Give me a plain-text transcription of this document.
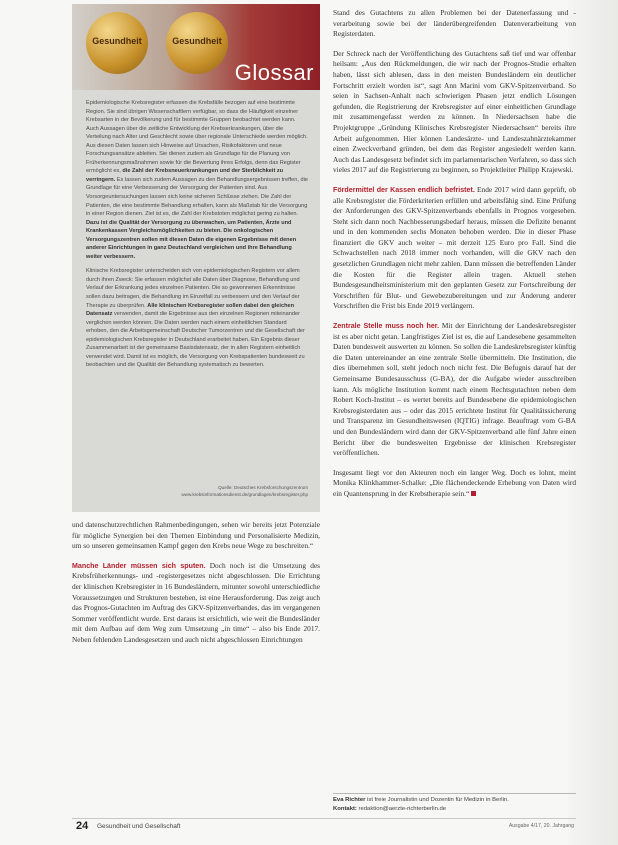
Gesundheit	Gesundheit
Glossar

Epidemiologische Krebsregister erfassen die Krebsfälle bezogen auf eine bestimmte Region. Sie sind übrigen Wissenschaftlern verfügbar, so dass die Häufigkeit einzelner Krebsarten in der Bevölkerung und für bestimmte Gruppen beobachtet werden kann. Auch Aussagen über die zeitliche Entwicklung der Krebserkrankungen, über die Verteilung nach Alter und Geschlecht sowie über regionale Unterschiede werden möglich. Aus diesen Daten lassen sich Hinweise auf Ursachen, Risikofaktoren und neue Forschungsansätze ableiten. Sie dienen zudem als Grundlage für die Planung von Früherkennungsmaßnahmen sowie für die Bewertung ihres Erfolgs, denn das Register ermöglicht es, die Zahl der Krebsneuerkrankungen und der Sterblichkeit zu verringern. Es lassen sich zudem Aussagen zu den Behandlungsergebnissen treffen, die Grundlage für eine Verbesserung der Versorgung der Patienten sind. Aus Vorsorgeuntersuchungen lassen sich keine sicheren Schlüsse ziehen. Die Zahl der Patienten, die eine bestimmte Behandlung erhalten, kann als Maßstab für die Versorgung in einer Region dienen. Ziel ist es, die Zahl der Krebstoten möglichst gering zu halten. Dazu ist die Qualität der Versorgung zu überwachen, um Patienten, Ärzte und Krankenkassen Vergleichsmöglichkeiten zu bieten. Die onkologischen Versorgungszentren sollen mit diesen Daten die eigenen Ergebnisse mit denen anderer Einrichtungen in ganz Deutschland vergleichen und ihre Behandlung weiter verbessern.

Klinische Krebsregister unterscheiden sich von epidemiologischen Registern vor allem durch ihren Zweck: Sie erfassen möglichst alle Daten über Diagnose, Behandlung und Verlauf der Erkrankung jedes einzelnen Patienten. Die so gewonnenen Erkenntnisse sollen dazu beitragen, die Behandlung im Einzelfall zu verbessern und den Verlauf der Therapie zu überprüfen. Alle klinischen Krebsregister sollen dabei den gleichen Datensatz verwenden, damit die Ergebnisse aus den einzelnen Regionen miteinander verglichen werden können. Die Daten werden nach einem einheitlichen Standard erhoben, den die Arbeitsgemeinschaft Deutscher Tumorzentren und die Gesellschaft der epidemiologischen Krebsregister in Deutschland erarbeitet haben. Ein Ergebnis dieser Zusammenarbeit ist der gemeinsame Basisdatensatz, der in allen Registern einheitlich verwendet wird. Damit ist es möglich, die Versorgung von Krebspatienten bundesweit zu beobachten und die Qualität der Behandlung systematisch zu bewerten.

Quelle: Deutsches Krebsforschungszentrum
www.krebsinformationsdienst.de/grundlagen/krebsregister.php

Stand des Gutachtens zu allen Problemen bei der Datenerfassung und -verarbeitung sowie bei der länderübergreifenden Datenverarbeitung von Registerdaten.

Der Schreck nach der Veröffentlichung des Gutachtens saß tief und war offenbar heilsam: „Aus den Rückmeldungen, die wir nach der Prognos-Studie erhalten haben, lässt sich ablesen, dass in den meisten Bundesländern ein deutlicher Fortschritt erzielt worden ist“, sagt Ann Marini vom GKV-Spitzenverband. So seien in Sachsen-Anhalt nach schwierigen Phasen jetzt endlich Lösungen gefunden, die Registrierung der Krebsregister auf einer einheitlichen Grundlage mit zusammengefasst werden zu können. In Niedersachsen habe die Projektgruppe „Gründung Klinisches Krebsregister Niedersachsen“ bereits ihre Arbeit aufgenommen. Hier können Landesärzte- und Landeszahnärztekammer einen Zweckverband gründen, bei dem das Register angesiedelt werden kann. Auch das Landesgesetz befindet sich im parlamentarischen Verfahren, so dass sich vieles 2017 auf die Registrierung zu beginnen, so Projektleiter Philipp Krajewski.

Fördermittel der Kassen endlich befristet. Ende 2017 wird dann geprüft, ob alle Krebsregister die Förderkriterien erfüllen und arbeitsfähig sind. Eine Prüfung der Anforderungen des GKV-Spitzenverbands ebenfalls in Prognos vorgesehen. Steht sich dann noch Nachbesserungsbedarf heraus, müssen die Defizite benannt und in den kommenden sechs Monaten behoben werden. Die in dieser Phase finanziert die GKV auch weiter – mit derzeit 125 Euro pro Fall. Sind die Schwachstellen nach 2018 immer noch vorhanden, will die GKV nach den gesetzlichen Grundlagen nicht mehr zahlen. Dann müssen die betreffenden Länder die Kosten für die Register allein tragen. Aktuell stehen Bundesgesundheitsministerium mit den geplanten Gesetz zur Fortschreibung der Vorschriften für Blut- und Gewebezubereitungen und zur Änderung anderer Vorschriften die Frist bis Ende 2019 verlängern.

Zentrale Stelle muss noch her. Mit der Einrichtung der Landeskrebsregister ist es aber nicht getan. Langfristiges Ziel ist es, die auf Landesebene gesammelten Daten bundesweit auswerten zu können. So sollen die Landeskrebsregister künftig die Daten untereinander an eine zentrale Stelle übermitteln. Die Institution, die dies übernehmen soll, steht jedoch noch nicht fest. Die Befugnis darauf hat der Gemeinsame Bundesausschuss (G-BA), der die Aufgabe wieder ausschreiben kann. Als mögliche Institution kommt nach einem Rechtsgutachten neben dem Robert Koch-Institut – es wertet bereits auf Bundesebene die epidemiologischen Krebsregisterdaten aus – oder das 2015 errichtete Institut für Qualitätssicherung und Transparenz im Gesundheitswesen (IQTIG) infrage. Beauftragt vom G-BA und den Bundesländern wird dann der GKV-Spitzenverband alle fünf Jahre einen Bericht über die bundesweiten Ergebnisse der klinischen Krebsregister veröffentlichen.

Insgesamt liegt vor den Akteuren noch ein langer Weg. Doch es lohnt, meint Monika Klinkhammer-Schalke: „Die flächendeckende Erhebung von Daten wird ein Quantensprung in der Krebstherapie sein.“

Eva Richter ist freie Journalistin und Dozentin für Medizin in Berlin.
Kontakt: redaktion@aerzte-richterberlin.de

und datenschutzrechtlichen Rahmenbedingungen, sehen wir bereits jetzt Potenziale für mögliche Synergien bei den Themen Einbindung und Personalisierte Medizin, um so unseren gemeinsamen Kampf gegen den Krebs neue Wege zu beschreiten.“

Manche Länder müssen sich sputen. Doch noch ist die Umsetzung des Krebsfrüherkennungs- und -registergesetzes nicht abgeschlossen. Die Errichtung der klinischen Krebsregister in 16 Bundesländern, mitunter sowohl unterschiedliche Voraussetzungen und Strukturen bestehen, ist eine Herausforderung. Das zeigt auch das Prognos-Gutachten im Auftrag des GKV-Spitzenverbandes, das im vergangenen Sommer veröffentlicht wurde. Erst daraus ist ersichtlich, wie weit die Bundesländer mit dem Aufbau auf dem Weg zum Umsetzung „in time“ – also bis Ende 2017. Neben fehlenden Landesgesetzen und auch nicht abgeschlossen Einrichtungen

24 Gesundheit und Gesellschaft	Ausgabe 4/17, 20. Jahrgang
